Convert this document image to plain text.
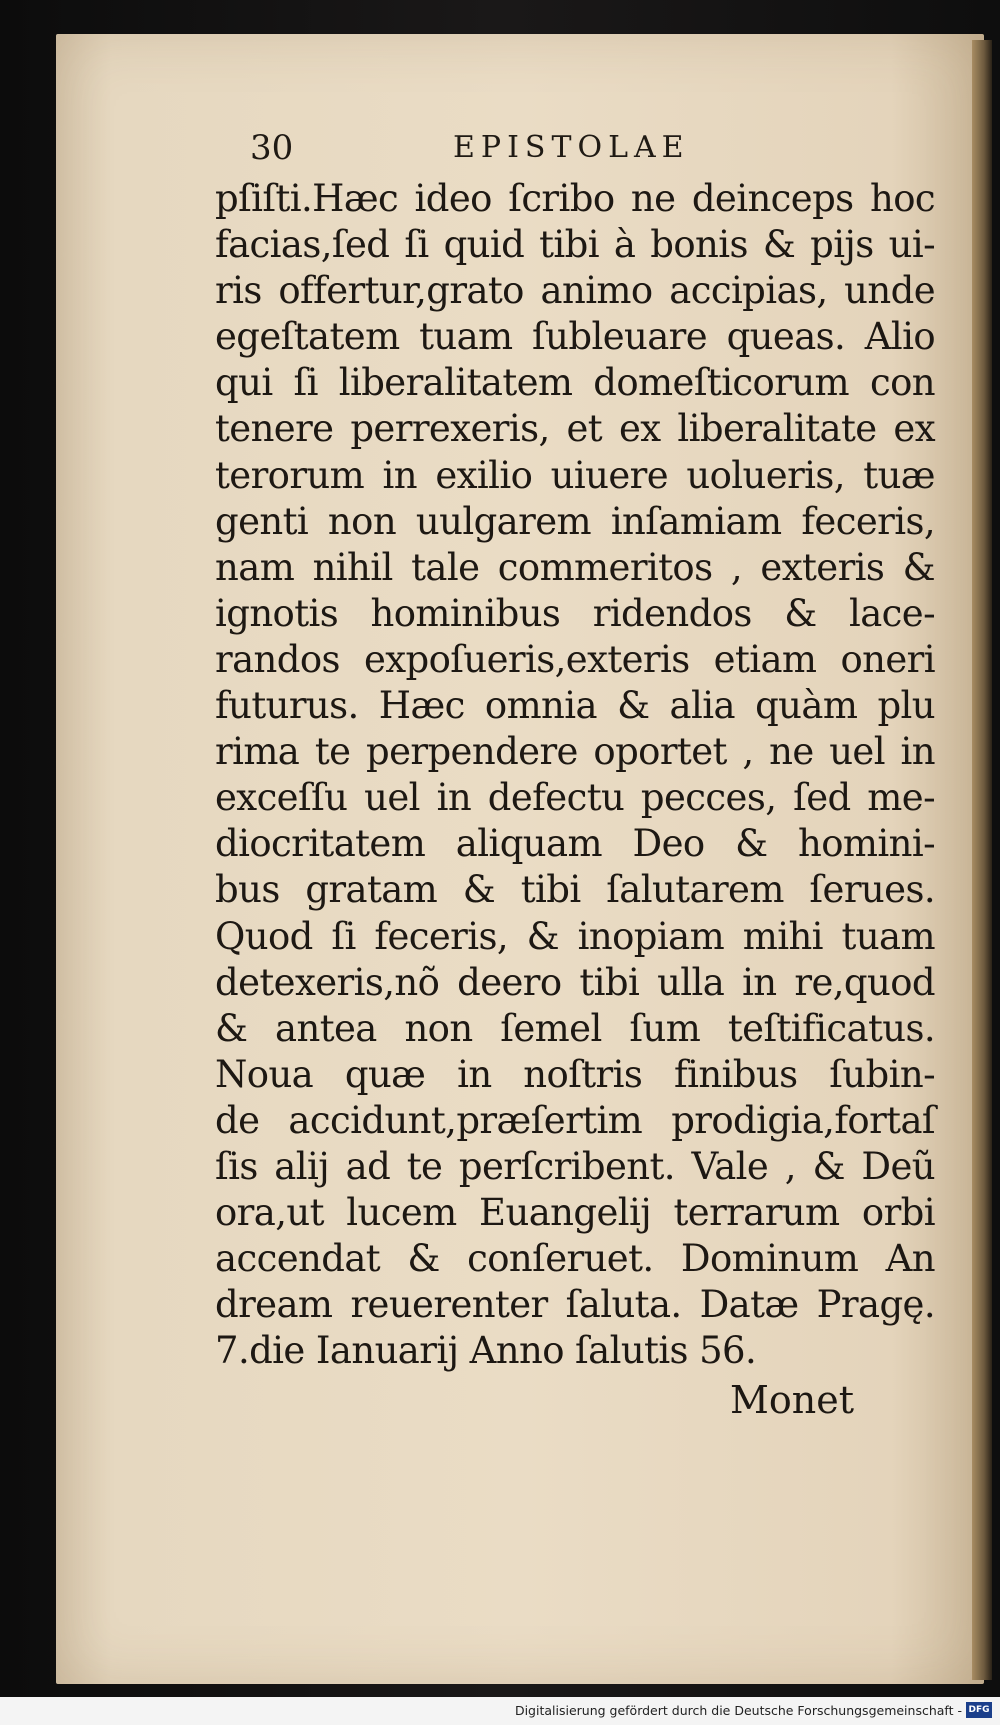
30	EPISTOLAE
pſiſti.Hæc ideo ſcribo ne deinceps hoc
facias,ſed ſi quid tibi à bonis & pijs ui-
ris offertur,grato animo accipias, unde
egeſtatem tuam ſubleuare queas. Alio
qui ſi liberalitatem domeſticorum con
tenere perrexeris, et ex liberalitate ex
terorum in exilio uiuere uolueris, tuæ
genti non uulgarem inſamiam feceris,
nam nihil tale commeritos , exteris &
ignotis hominibus ridendos & lace-
randos expoſueris,exteris etiam oneri
futurus. Hæc omnia & alia quàm plu
rima te perpendere oportet , ne uel in
exceſſu uel in defectu pecces, ſed me-
diocritatem aliquam Deo & homini-
bus gratam & tibi ſalutarem ſerues.
Quod ſi feceris, & inopiam mihi tuam
detexeris,nõ deero tibi ulla in re,quod
& antea non ſemel ſum teſtificatus.
Noua quæ in noſtris finibus ſubin-
de accidunt,præſertim prodigia,fortaſ
ſis alij ad te perſcribent. Vale , & Deũ
ora,ut lucem Euangelij terrarum orbi
accendat & conſeruet. Dominum An
dream reuerenter ſaluta. Datæ Pragę.
7.die Ianuarij Anno ſalutis 56.
Monet
Digitalisierung gefördert durch die Deutsche Forschungsgemeinschaft - DFG
